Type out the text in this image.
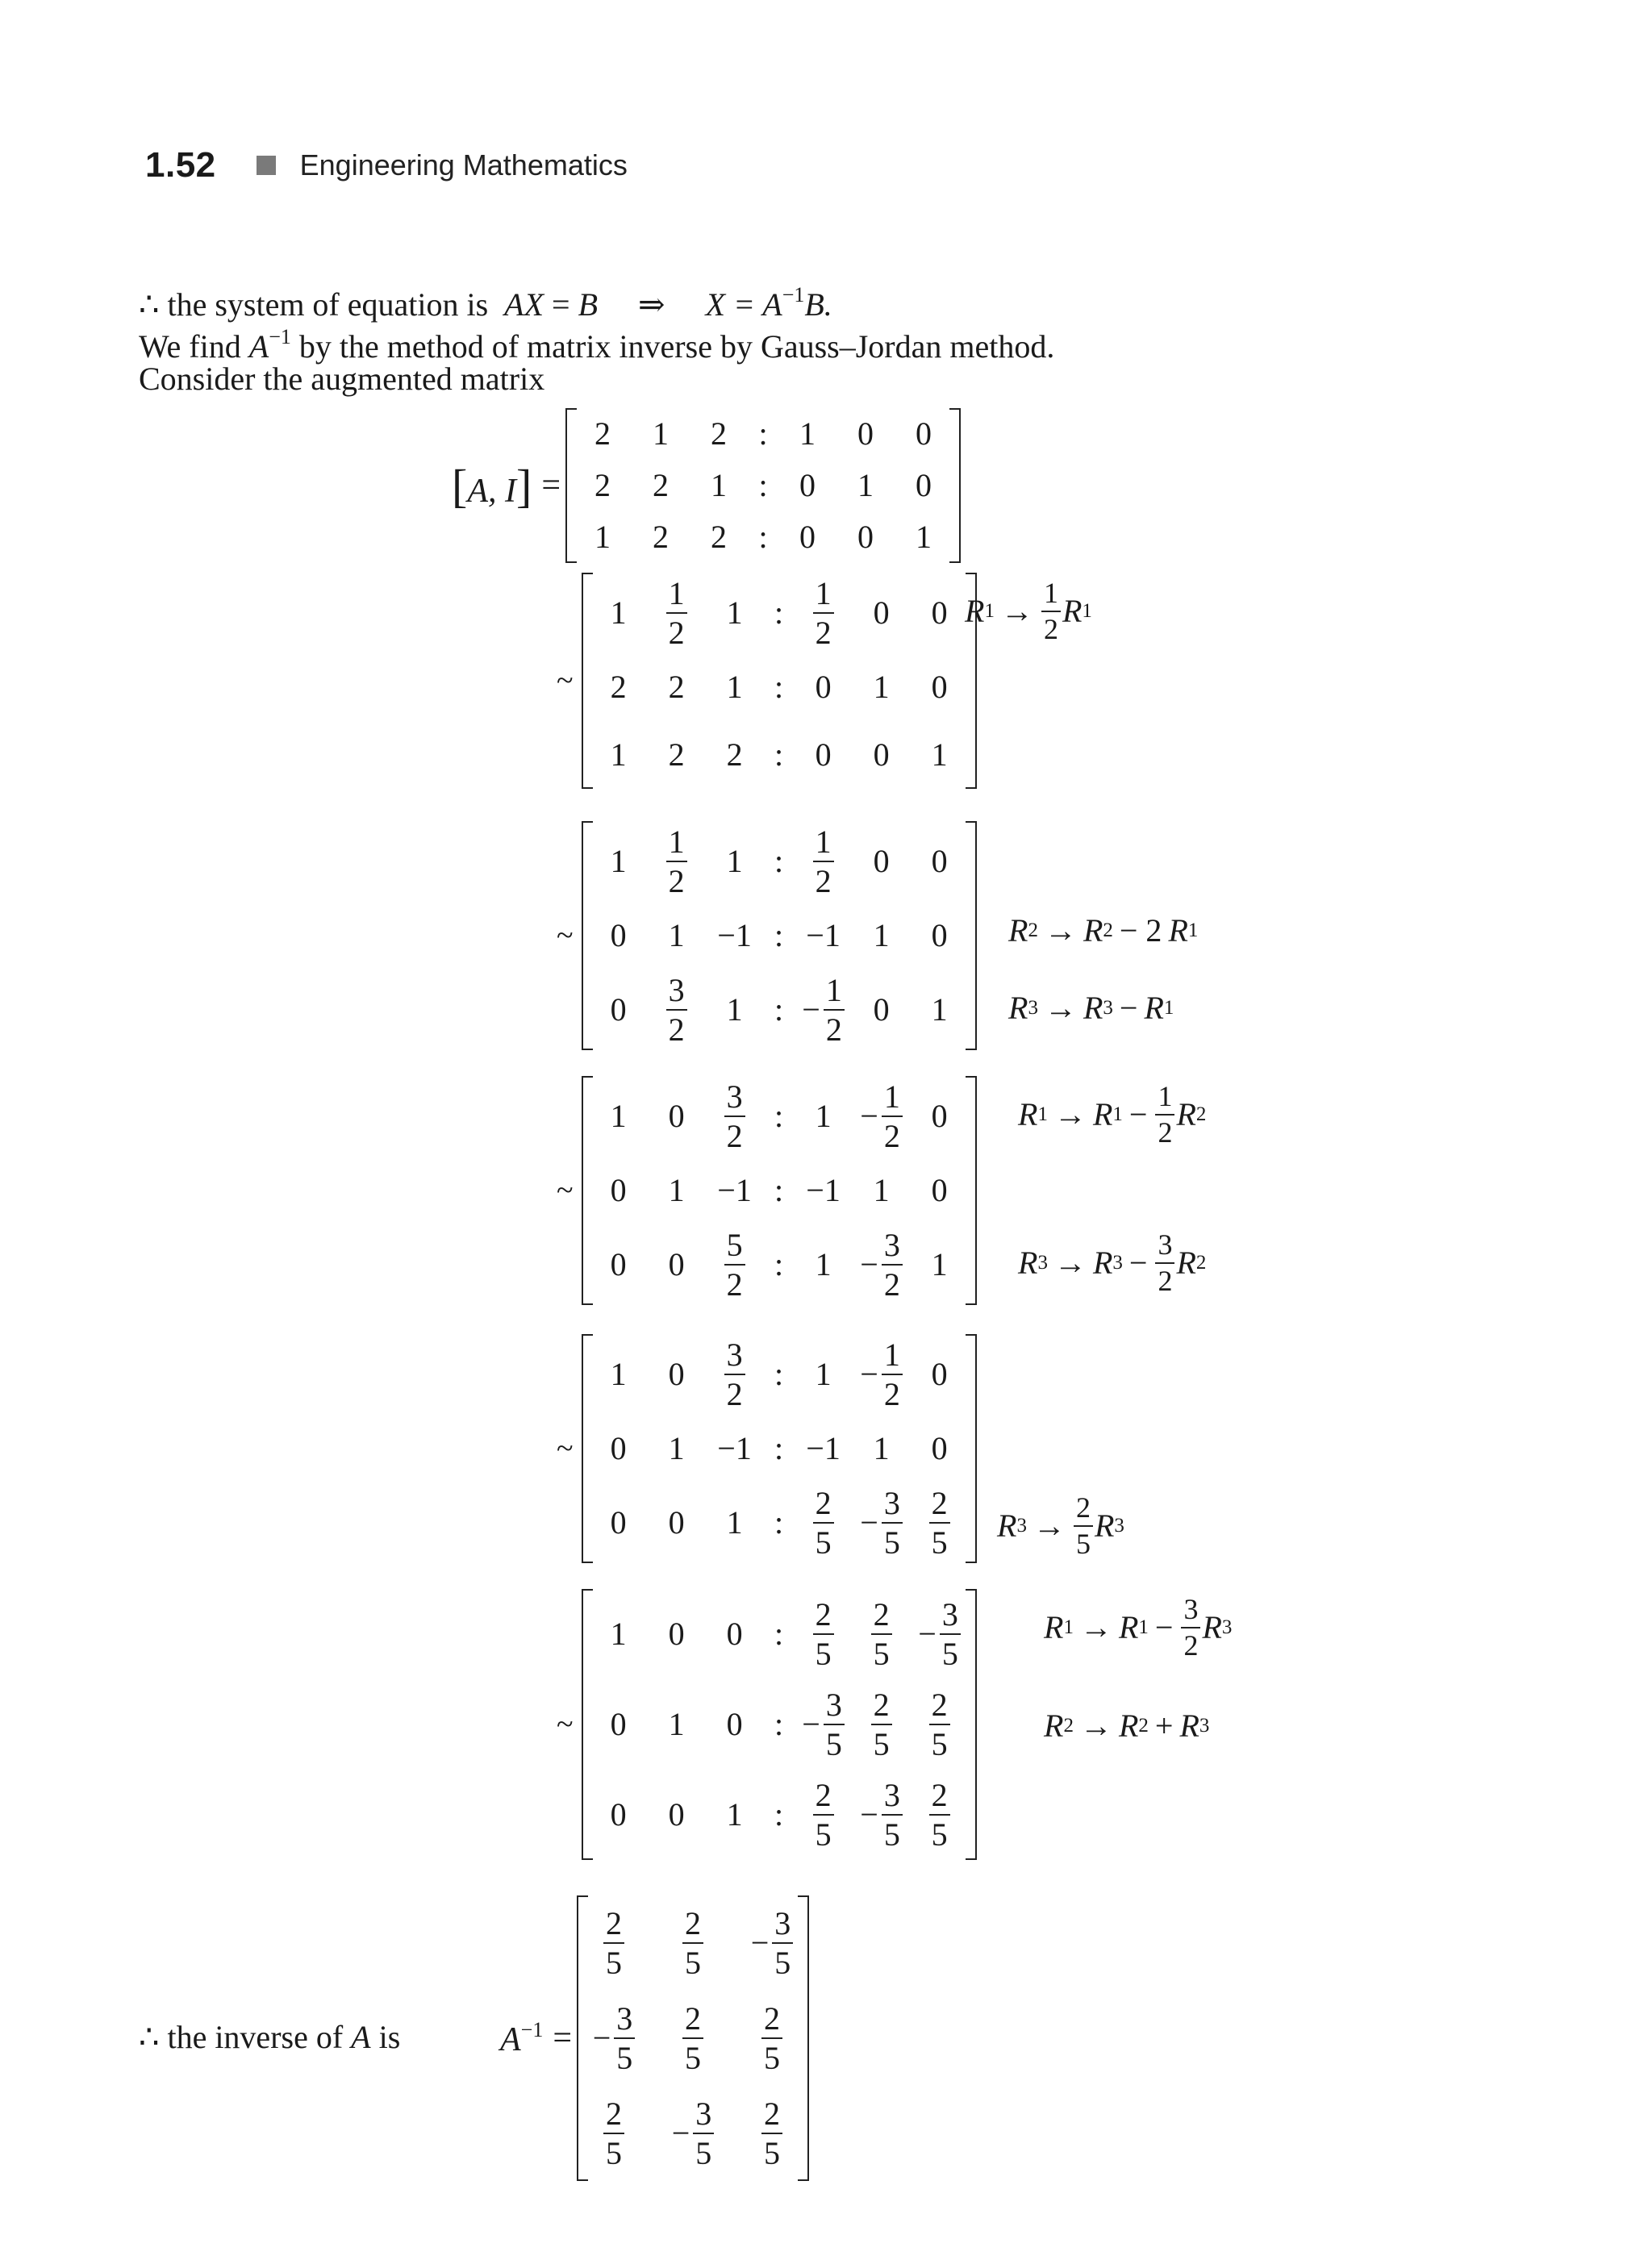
1.52	Engineering Mathematics
∴ the system of equation is AX = B ⇒ $X = A^{-1}B$.
We find $A^{-1}$ by the method of matrix inverse by Gauss–Jordan method.
Consider the augmented matrix
[A, I] =
2 1 2 : 1 0 0
2 2 1 : 0 1 0
1 2 2 : 0 0 1
~
$1 \frac{1}{2} 1$ : $\frac{1}{2} 0$ 0
2 2 1 : 0 1 0
1 2 2 : 0 0 1
R $1 \to \frac{1}{2}$ R 1
~
$1 \frac{1}{2} 1$ : $\frac{1}{2} 0$ 0
0 1 −1 : −1 1 0
$0 \frac{3}{2} 1$ : − $\frac{1}{2} 0$ 1
R 2 → R 2 − 2 R 1
R 3 → R 3 − R 1
~
1 $0 \frac{3}{2}$ : $1 - \frac{1}{2} 0$
0 1 −1 : −1 1 0
0 $0 \frac{5}{2}$ : $1 - \frac{3}{2} 1$
R 1 → R $1 - \frac{1}{2}$ R 2
R 3 → R $3 - \frac{3}{2}$ R 2
~
1 $0 \frac{3}{2}$ : $1 - \frac{1}{2} 0$
0 1 −1 : −1 1 0
0 0 1 : $\frac{2}{5} - \frac{3}{5} \frac{2}{5}$ R $3 \to \frac{2}{5}$ R 3
~
1 0 0 : $\frac{2}{5} \frac{2}{5} - \frac{3}{5}$
0 1 0 : − $\frac{3}{5} \frac{2}{5} \frac{2}{5}$
0 0 1 : $\frac{2}{5} - \frac{3}{5} \frac{2}{5}$
R 1 → R $1 - \frac{3}{2}$ R 3
R 2 → R 2 + R 3
∴ the inverse of A is	$A^{-1}$ =
$\frac{2}{5} \frac{2}{5} - \frac{3}{5}$
− $\frac{3}{5} \frac{2}{5} \frac{2}{5}$
$\frac{2}{5} - \frac{3}{5} \frac{2}{5}$
